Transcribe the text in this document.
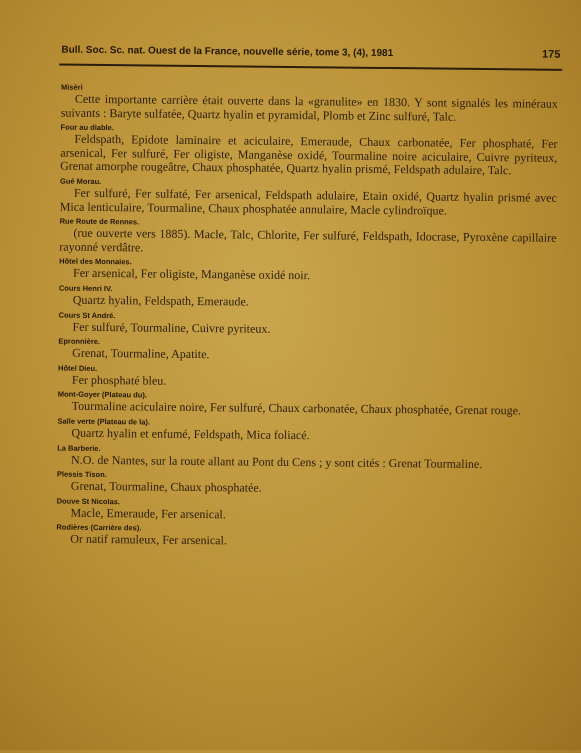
Bull. Soc. Sc. nat. Ouest de la France, nouvelle série, tome 3, (4), 1981	175
Misèri

Cette importante carrière était ouverte dans la «granulite» en 1830. Y sont signalés les minéraux suivants : Baryte sulfatée, Quartz hyalin et pyramidal, Plomb et Zinc sulfuré, Talc.

Four au diable.

Feldspath, Epidote laminaire et aciculaire, Emeraude, Chaux carbonatée, Fer phosphaté, Fer arsenical, Fer sulfuré, Fer oligiste, Manganèse oxidé, Tourmaline noire aciculaire, Cuivre pyriteux, Grenat amorphe rougeâtre, Chaux phosphatée, Quartz hyalin prismé, Feldspath adulaire, Talc.

Gué Morau.

Fer sulfuré, Fer sulfaté, Fer arsenical, Feldspath adulaire, Etain oxidé, Quartz hyalin prismé avec Mica lenticulaire, Tourmaline, Chaux phosphatée annulaire, Macle cylindroïque.

Rue Route de Rennes.

(rue ouverte vers 1885). Macle, Talc, Chlorite, Fer sulfuré, Feldspath, Idocrase, Pyroxène capillaire rayonné verdâtre.

Hôtel des Monnaies.

Fer arsenical, Fer oligiste, Manganèse oxidé noir.

Cours Henri IV.

Quartz hyalin, Feldspath, Emeraude.

Cours St André.

Fer sulfuré, Tourmaline, Cuivre pyriteux.

Epronnière.

Grenat, Tourmaline, Apatite.

Hôtel Dieu.

Fer phosphaté bleu.

Mont-Goyer (Plateau du).

Tourmaline aciculaire noire, Fer sulfuré, Chaux carbonatée, Chaux phosphatée, Grenat rouge.

Salle verte (Plateau de la).

Quartz hyalin et enfumé, Feldspath, Mica foliacé.

La Barberie.

N.O. de Nantes, sur la route allant au Pont du Cens ; y sont cités : Grenat Tourmaline.

Plessis Tison.

Grenat, Tourmaline, Chaux phosphatée.

Douve St Nicolas.

Macle, Emeraude, Fer arsenical.

Rodières (Carrière des).

Or natif ramuleux, Fer arsenical.
